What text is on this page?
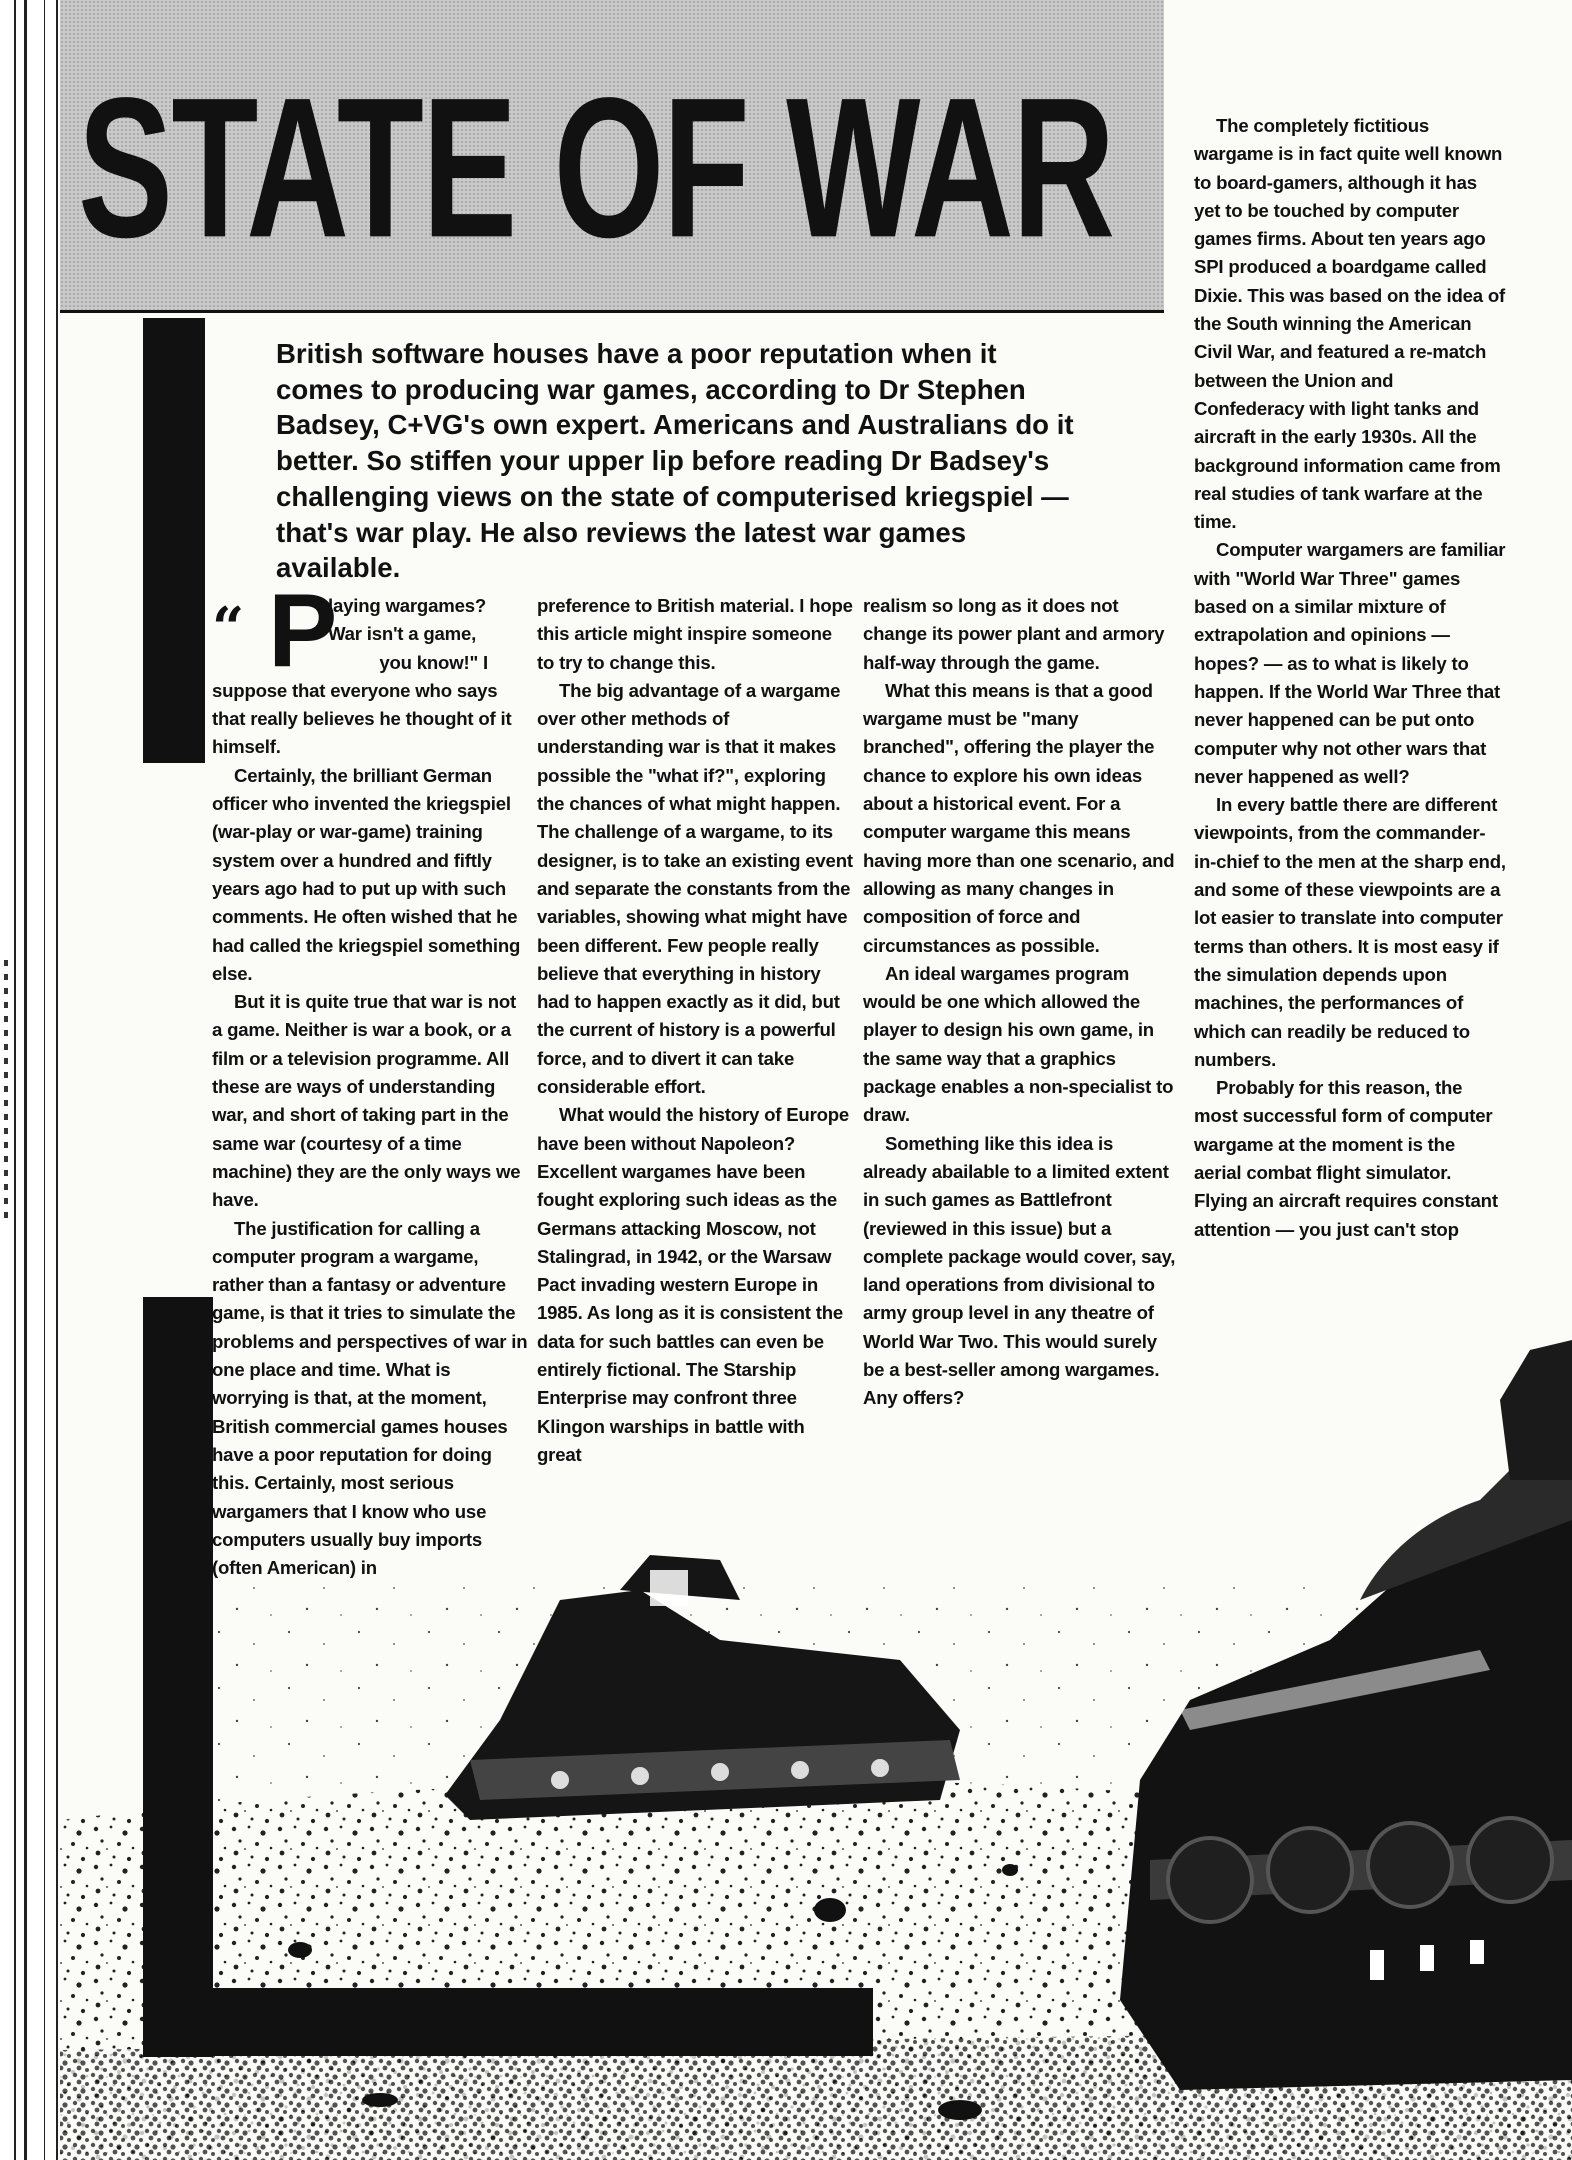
STATE OF WAR

British software houses have a poor reputation when it comes to producing war games, according to Dr Stephen Badsey, C+VG's own expert. Americans and Australians do it better. So stiffen your upper lip before reading Dr Badsey's challenging views on the state of computerised kriegspiel — that's war play. He also reviews the latest war games available.

“ P
laying wargames?
War isn't a game,
you know!" I

suppose that everyone who says that really believes he thought of it himself.

Certainly, the brilliant German officer who invented the kriegspiel (war-play or war-game) training system over a hundred and fiftly years ago had to put up with such comments. He often wished that he had called the kriegspiel something else.

But it is quite true that war is not a game. Neither is war a book, or a film or a television programme. All these are ways of understanding war, and short of taking part in the same war (courtesy of a time machine) they are the only ways we have.

The justification for calling a computer program a wargame, rather than a fantasy or adventure game, is that it tries to simulate the problems and perspectives of war in one place and time. What is worrying is that, at the moment, British commercial games houses have a poor reputation for doing this. Certainly, most serious wargamers that I know who use computers usually buy imports (often American) in

preference to British material. I hope this article might inspire someone to try to change this.

The big advantage of a wargame over other methods of understanding war is that it makes possible the "what if?", exploring the chances of what might happen. The challenge of a wargame, to its designer, is to take an existing event and separate the constants from the variables, showing what might have been different. Few people really believe that everything in history had to happen exactly as it did, but the current of history is a powerful force, and to divert it can take considerable effort.

What would the history of Europe have been without Napoleon? Excellent wargames have been fought exploring such ideas as the Germans attacking Moscow, not Stalingrad, in 1942, or the Warsaw Pact invading western Europe in 1985. As long as it is consistent the data for such battles can even be entirely fictional. The Starship Enterprise may confront three Klingon warships in battle with great

realism so long as it does not change its power plant and armory half-way through the game.

What this means is that a good wargame must be "many branched", offering the player the chance to explore his own ideas about a historical event. For a computer wargame this means having more than one scenario, and allowing as many changes in composition of force and circumstances as possible.

An ideal wargames program would be one which allowed the player to design his own game, in the same way that a graphics package enables a non-specialist to draw.

Something like this idea is already abailable to a limited extent in such games as Battlefront (reviewed in this issue) but a complete package would cover, say, land operations from divisional to army group level in any theatre of World War Two. This would surely be a best-seller among wargames. Any offers?

The completely fictitious wargame is in fact quite well known to board-gamers, although it has yet to be touched by computer games firms. About ten years ago SPI produced a boardgame called Dixie. This was based on the idea of the South winning the American Civil War, and featured a re-match between the Union and Confederacy with light tanks and aircraft in the early 1930s. All the background information came from real studies of tank warfare at the time.

Computer wargamers are familiar with "World War Three" games based on a similar mixture of extrapolation and opinions — hopes? — as to what is likely to happen. If the World War Three that never happened can be put onto computer why not other wars that never happened as well?

In every battle there are different viewpoints, from the commander-in-chief to the men at the sharp end, and some of these viewpoints are a lot easier to translate into computer terms than others. It is most easy if the simulation depends upon machines, the performances of which can readily be reduced to numbers.

Probably for this reason, the most successful form of computer wargame at the moment is the aerial combat flight simulator. Flying an aircraft requires constant attention — you just can't stop
